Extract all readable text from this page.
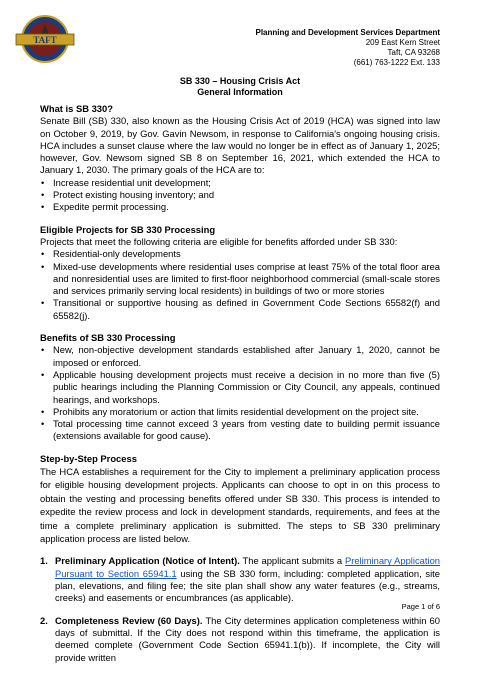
TAFT
Planning and Development Services Department
209 East Kern Street
Taft, CA 93268
(661) 763-1222 Ext. 133
SB 330 – Housing Crisis Act
General Information
What is SB 330?

Senate Bill (SB) 330, also known as the Housing Crisis Act of 2019 (HCA) was signed into law on October 9, 2019, by Gov. Gavin Newsom, in response to California's ongoing housing crisis. HCA includes a sunset clause where the law would no longer be in effect as of January 1, 2025; however, Gov. Newsom signed SB 8 on September 16, 2021, which extended the HCA to January 1, 2030. The primary goals of the HCA are to:

• Increase residential unit development;
• Protect existing housing inventory; and
• Expedite permit processing.
Eligible Projects for SB 330 Processing

Projects that meet the following criteria are eligible for benefits afforded under SB 330:

• Residential-only developments
• Mixed-use developments where residential uses comprise at least 75% of the total floor area and nonresidential uses are limited to first-floor neighborhood commercial (small-scale stores and services primarily serving local residents) in buildings of two or more stories
• Transitional or supportive housing as defined in Government Code Sections 65582(f) and 65582(j).
Benefits of SB 330 Processing
• New, non-objective development standards established after January 1, 2020, cannot be imposed or enforced.
• Applicable housing development projects must receive a decision in no more than five (5) public hearings including the Planning Commission or City Council, any appeals, continued hearings, and workshops.
• Prohibits any moratorium or action that limits residential development on the project site.
• Total processing time cannot exceed 3 years from vesting date to building permit issuance (extensions available for good cause).
Step-by-Step Process

The HCA establishes a requirement for the City to implement a preliminary application process for eligible housing development projects. Applicants can choose to opt in on this process to obtain the vesting and processing benefits offered under SB 330. This process is intended to expedite the review process and lock in development standards, requirements, and fees at the time a complete preliminary application is submitted. The steps to SB 330 preliminary application process are listed below.

1. Preliminary Application (Notice of Intent). The applicant submits a Preliminary Application Pursuant to Section 65941.1 using the SB 330 form, including: completed application, site plan, elevations, and filing fee; the site plan shall show any water features (e.g., streams, creeks) and easements or encumbrances (as applicable).
2. Completeness Review (60 Days). The City determines application completeness within 60 days of submittal. If the City does not respond within this timeframe, the application is deemed complete (Government Code Section 65941.1(b)). If incomplete, the City will provide written
Page 1 of 6
